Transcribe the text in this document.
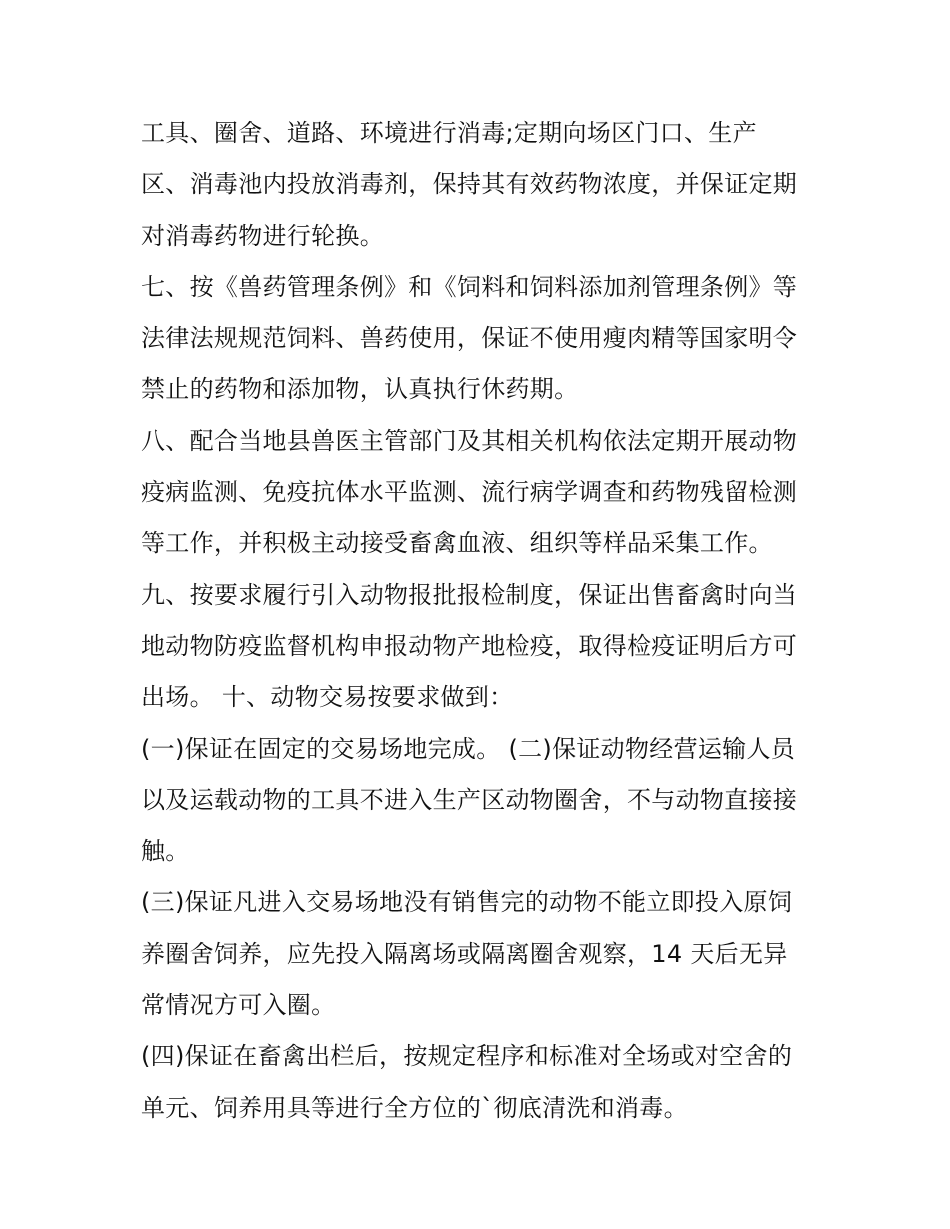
工具、圈舍、道路、环境进行消毒;定期向场区门口、生产
区、消毒池内投放消毒剂，保持其有效药物浓度，并保证定期
对消毒药物进行轮换。
七、按《兽药管理条例》和《饲料和饲料添加剂管理条例》等
法律法规规范饲料、兽药使用，保证不使用瘦肉精等国家明令
禁止的药物和添加物，认真执行休药期。
八、配合当地县兽医主管部门及其相关机构依法定期开展动物
疫病监测、免疫抗体水平监测、流行病学调查和药物残留检测
等工作，并积极主动接受畜禽血液、组织等样品采集工作。
九、按要求履行引入动物报批报检制度，保证出售畜禽时向当
地动物防疫监督机构申报动物产地检疫，取得检疫证明后方可
出场。 十、动物交易按要求做到：
(一)保证在固定的交易场地完成。 (二)保证动物经营运输人员
以及运载动物的工具不进入生产区动物圈舍，不与动物直接接
触。
(三)保证凡进入交易场地没有销售完的动物不能立即投入原饲
养圈舍饲养，应先投入隔离场或隔离圈舍观察，14 天后无异
常情况方可入圈。
(四)保证在畜禽出栏后，按规定程序和标准对全场或对空舍的
单元、饲养用具等进行全方位的`彻底清洗和消毒。
